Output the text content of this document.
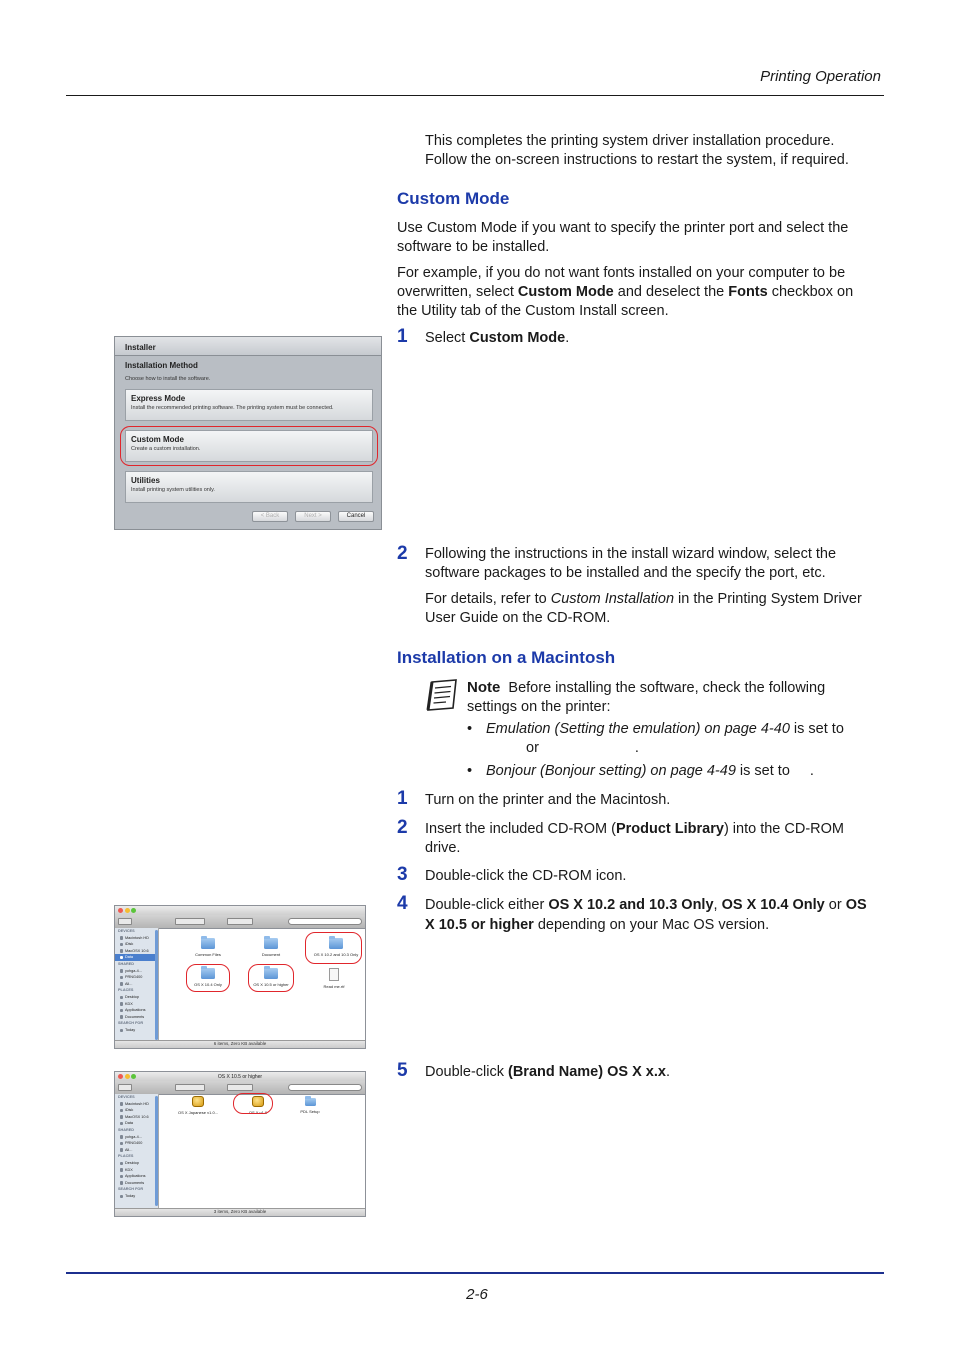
Printing Operation
This completes the printing system driver installation procedure.
Follow the on-screen instructions to restart the system, if required.
Custom Mode
Use Custom Mode if you want to specify the printer port and select the
software to be installed.
For example, if you do not want fonts installed on your computer to be
overwritten, select Custom Mode and deselect the Fonts checkbox on
the Utility tab of the Custom Install screen.
1 Select Custom Mode.
Installer
Installation Method
Choose how to install the software.
Express Mode
Install the recommended printing software. The printing system must be connected.
Custom Mode
Create a custom installation.
Utilities
Install printing system utilities only.
< Back	Next >	Cancel
2 Following the instructions in the install wizard window, select the
software packages to be installed and the specify the port, etc.
For details, refer to Custom Installation in the Printing System Driver
User Guide on the CD-ROM.
Installation on a Macintosh
Note Before installing the software, check the following
settings on the printer:
• Emulation (Setting the emulation) on page 4-40 is set to
or	.
• Bonjour (Bonjour setting) on page 4-49 is set to .
1 Turn on the printer and the Macintosh.
2 Insert the included CD-ROM (Product Library) into the CD-ROM
drive.
3 Double-click the CD-ROM icon.
4 Double-click either OS X 10.2 and 10.3 Only, OS X 10.4 Only or OS
X 10.5 or higher depending on your Mac OS version.
5 Double-click (Brand Name) OS X x.x.
DEVICES
Macintosh HD
iDisk
MacOSX 10.6
Data
SHARED
yohga-4...
PRNG400
All...
PLACES
Desktop
KDX
Applications
Documents
SEARCH FOR
Today
Common Files	Document	OS X 10.2 and 10.3 Only
OS X 10.4 Only	OS X 10.5 or higher	Read me.rtf
6 items, Zero KB available
OS X 10.5 or higher
DEVICES
Macintosh HD
iDisk
MacOSX 10.6
Data
SHARED
yohga-4...
PRNG400
All...
PLACES
Desktop
KDX
Applications
Documents
SEARCH FOR
Today
OS X Japanese v1.0...	OS X v1.0	PDL Setup
3 items, Zero KB available
2-6
